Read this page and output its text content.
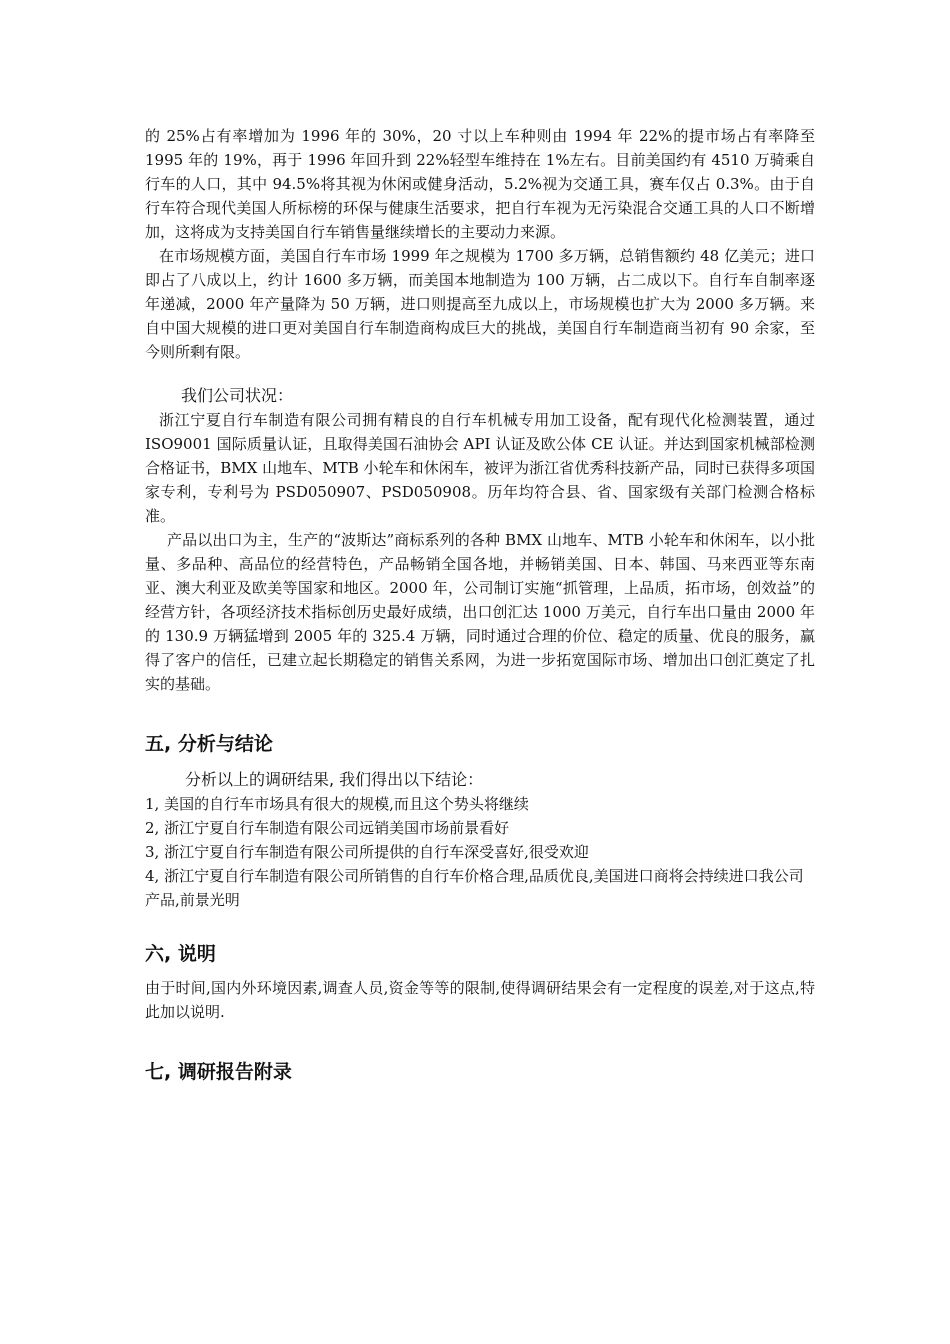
的 25%占有率增加为 1996 年的 30%，20 寸以上车种则由 1994 年 22%的提市场占有率降至 1995 年的 19%，再于 1996 年回升到 22%轻型车维持在 1%左右。目前美国约有 4510 万骑乘自行车的人口，其中 94.5%将其视为休闲或健身活动，5.2%视为交通工具，赛车仅占 0.3%。由于自行车符合现代美国人所标榜的环保与健康生活要求，把自行车视为无污染混合交通工具的人口不断增加，这将成为支持美国自行车销售量继续增长的主要动力来源。

在市场规模方面，美国自行车市场 1999 年之规模为 1700 多万辆，总销售额约 48 亿美元；进口即占了八成以上，约计 1600 多万辆，而美国本地制造为 100 万辆，占二成以下。自行车自制率逐年递减，2000 年产量降为 50 万辆，进口则提高至九成以上，市场规模也扩大为 2000 多万辆。来自中国大规模的进口更对美国自行车制造商构成巨大的挑战，美国自行车制造商当初有 90 余家，至今则所剩有限。

我们公司状况：

浙江宁夏自行车制造有限公司拥有精良的自行车机械专用加工设备，配有现代化检测装置，通过 ISO9001 国际质量认证，且取得美国石油协会 API 认证及欧公体 CE 认证。并达到国家机械部检测合格证书，BMX 山地车、MTB 小轮车和休闲车，被评为浙江省优秀科技新产品，同时已获得多项国家专利，专利号为 PSD050907、PSD050908。历年均符合县、省、国家级有关部门检测合格标准。

产品以出口为主，生产的“波斯达”商标系列的各种 BMX 山地车、MTB 小轮车和休闲车，以小批量、多品种、高品位的经营特色，产品畅销全国各地，并畅销美国、日本、韩国、马来西亚等东南亚、澳大利亚及欧美等国家和地区。2000 年，公司制订实施“抓管理，上品质，拓市场，创效益”的经营方针，各项经济技术指标创历史最好成绩，出口创汇达 1000 万美元，自行车出口量由 2000 年的 130.9 万辆猛增到 2005 年的 325.4 万辆，同时通过合理的价位、稳定的质量、优良的服务，赢得了客户的信任，已建立起长期稳定的销售关系网，为进一步拓宽国际市场、增加出口创汇奠定了扎实的基础。

五, 分析与结论

分析以上的调研结果, 我们得出以下结论：

1, 美国的自行车市场具有很大的规模,而且这个势头将继续

2, 浙江宁夏自行车制造有限公司远销美国市场前景看好

3, 浙江宁夏自行车制造有限公司所提供的自行车深受喜好,很受欢迎

4, 浙江宁夏自行车制造有限公司所销售的自行车价格合理,品质优良,美国进口商将会持续进口我公司产品,前景光明

六, 说明

由于时间,国内外环境因素,调查人员,资金等等的限制,使得调研结果会有一定程度的误差,对于这点,特此加以说明.

七, 调研报告附录
